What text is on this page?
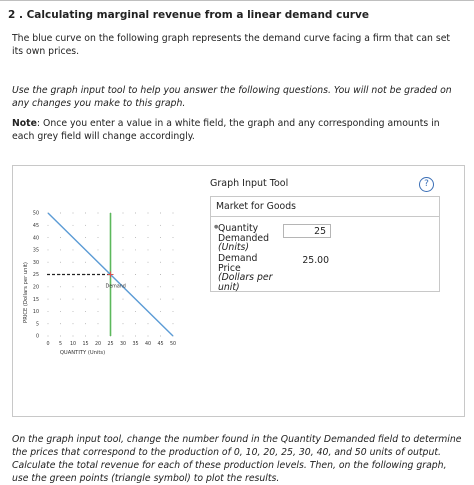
2 . Calculating marginal revenue from a linear demand curve
The blue curve on the following graph represents the demand curve facing a firm that can set its own prices.
Use the graph input tool to help you answer the following questions. You will not be graded on any changes you make to this graph.
Note: Once you enter a value in a white field, the graph and any corresponding amounts in each grey field will change accordingly.
0 5 10 15 20 25 30 35 40 45 50
0
5
10
15
20
25
30
35
40
45
50
Demand
QUANTITY (Units)
PRICE (Dollars per unit)
Graph Input Tool	?
Market for Goods
● Quantity
Demanded
(Units)
25
Demand
Price
(Dollars per
unit)
25.00
On the graph input tool, change the number found in the Quantity Demanded field to determine the prices that correspond to the production of 0, 10, 20, 25, 30, 40, and 50 units of output. Calculate the total revenue for each of these production levels. Then, on the following graph, use the green points (triangle symbol) to plot the results.
